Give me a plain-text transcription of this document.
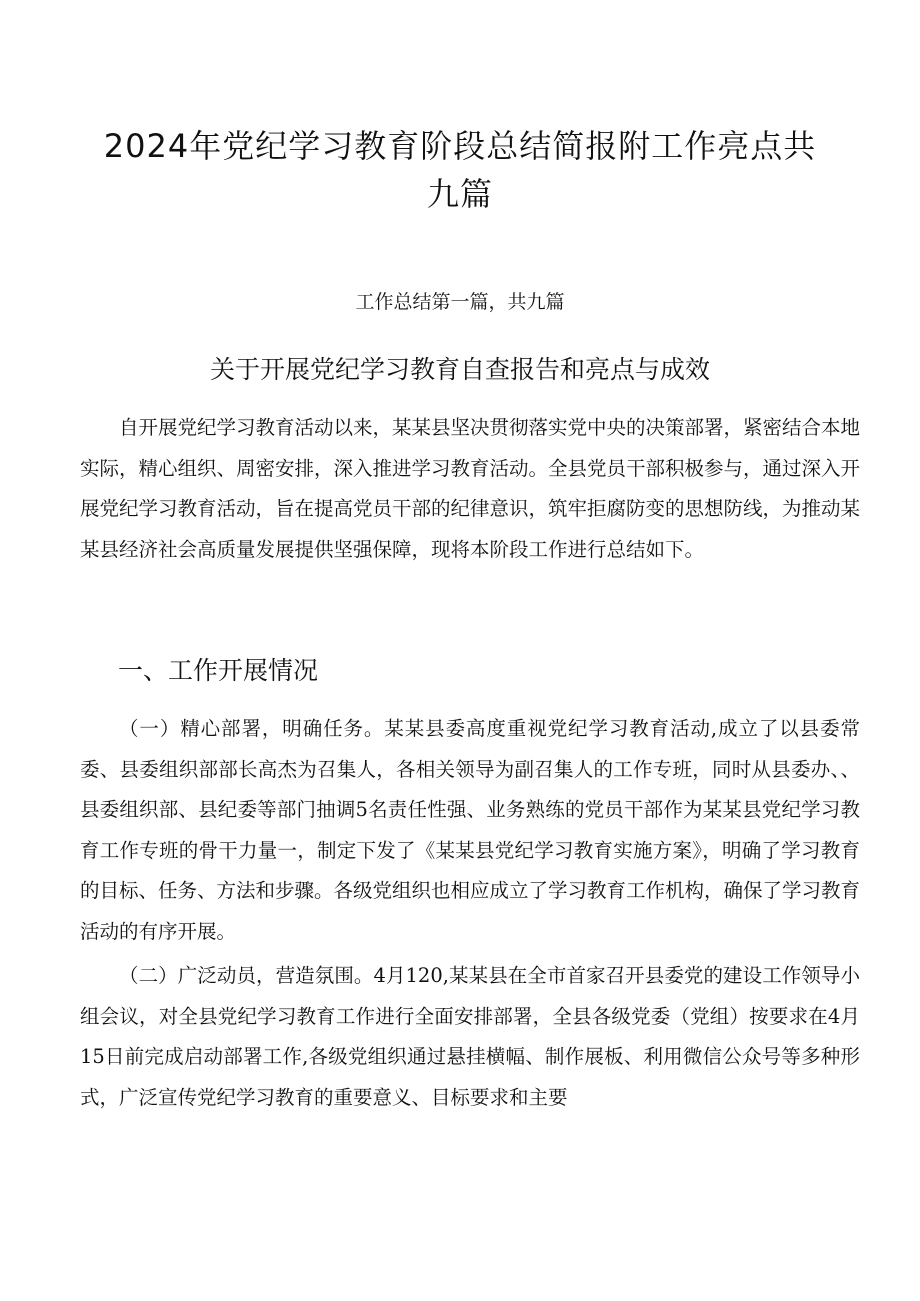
2024年党纪学习教育阶段总结简报附工作亮点共九篇

工作总结第一篇，共九篇

关于开展党纪学习教育自查报告和亮点与成效

自开展党纪学习教育活动以来，某某县坚决贯彻落实党中央的决策部署，紧密结合本地实际，精心组织、周密安排，深入推进学习教育活动。全县党员干部积极参与，通过深入开展党纪学习教育活动，旨在提高党员干部的纪律意识，筑牢拒腐防变的思想防线，为推动某某县经济社会高质量发展提供坚强保障，现将本阶段工作进行总结如下。

一、工作开展情况

（一）精心部署，明确任务。某某县委高度重视党纪学习教育活动,成立了以县委常委、县委组织部部长高杰为召集人，各相关领导为副召集人的工作专班，同时从县委办、、县委组织部、县纪委等部门抽调5名责任性强、业务熟练的党员干部作为某某县党纪学习教育工作专班的骨干力量一，制定下发了《某某县党纪学习教育实施方案》，明确了学习教育的目标、任务、方法和步骤。各级党组织也相应成立了学习教育工作机构，确保了学习教育活动的有序开展。

（二）广泛动员，营造氛围。4月120,某某县在全市首家召开县委党的建设工作领导小组会议，对全县党纪学习教育工作进行全面安排部署，全县各级党委（党组）按要求在4月15日前完成启动部署工作,各级党组织通过悬挂横幅、制作展板、利用微信公众号等多种形式，广泛宣传党纪学习教育的重要意义、目标要求和主要
